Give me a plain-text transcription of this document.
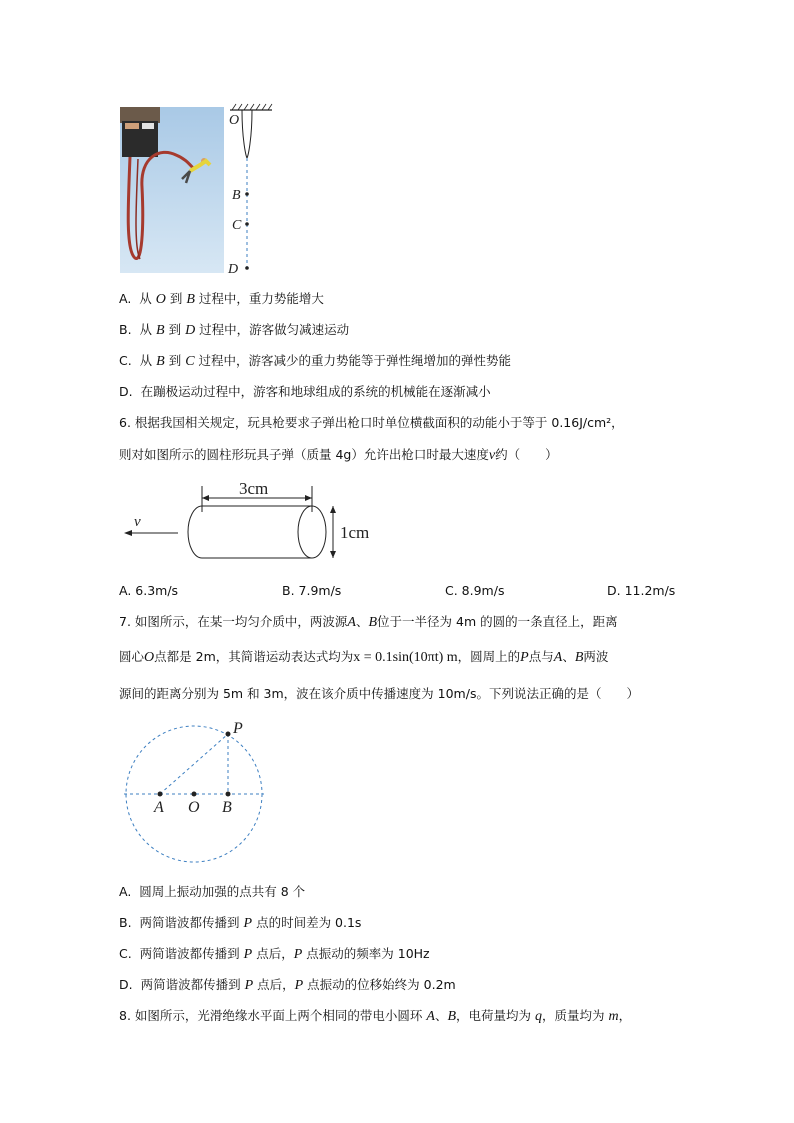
O
B
C
D
A. 从 O 到 B 过程中，重力势能增大
B. 从 B 到 D 过程中，游客做匀减速运动
C. 从 B 到 C 过程中，游客减少的重力势能等于弹性绳增加的弹性势能
D. 在蹦极运动过程中，游客和地球组成的系统的机械能在逐渐减小
6. 根据我国相关规定，玩具枪要求子弹出枪口时单位横截面积的动能小于等于 0.16J/cm²，
则对如图所示的圆柱形玩具子弹（质量 4g）允许出枪口时最大速度v约（　　）
3cm
1cm
v
A. 6.3m/s	B. 7.9m/s	C. 8.9m/s	D. 11.2m/s
7. 如图所示，在某一均匀介质中，两波源A、B位于一半径为 4m 的圆的一条直径上，距离
圆心O点都是 2m，其简谐运动表达式均为x = 0.1sin(10πt) m，圆周上的P点与A、B两波
源间的距离分别为 5m 和 3m，波在该介质中传播速度为 10m/s。下列说法正确的是（　　）
P
A O B
A. 圆周上振动加强的点共有 8 个
B. 两简谐波都传播到 P 点的时间差为 0.1s
C. 两简谐波都传播到 P 点后，P 点振动的频率为 10Hz
D. 两简谐波都传播到 P 点后，P 点振动的位移始终为 0.2m
8. 如图所示，光滑绝缘水平面上两个相同的带电小圆环 A、B，电荷量均为 q，质量均为 m，
